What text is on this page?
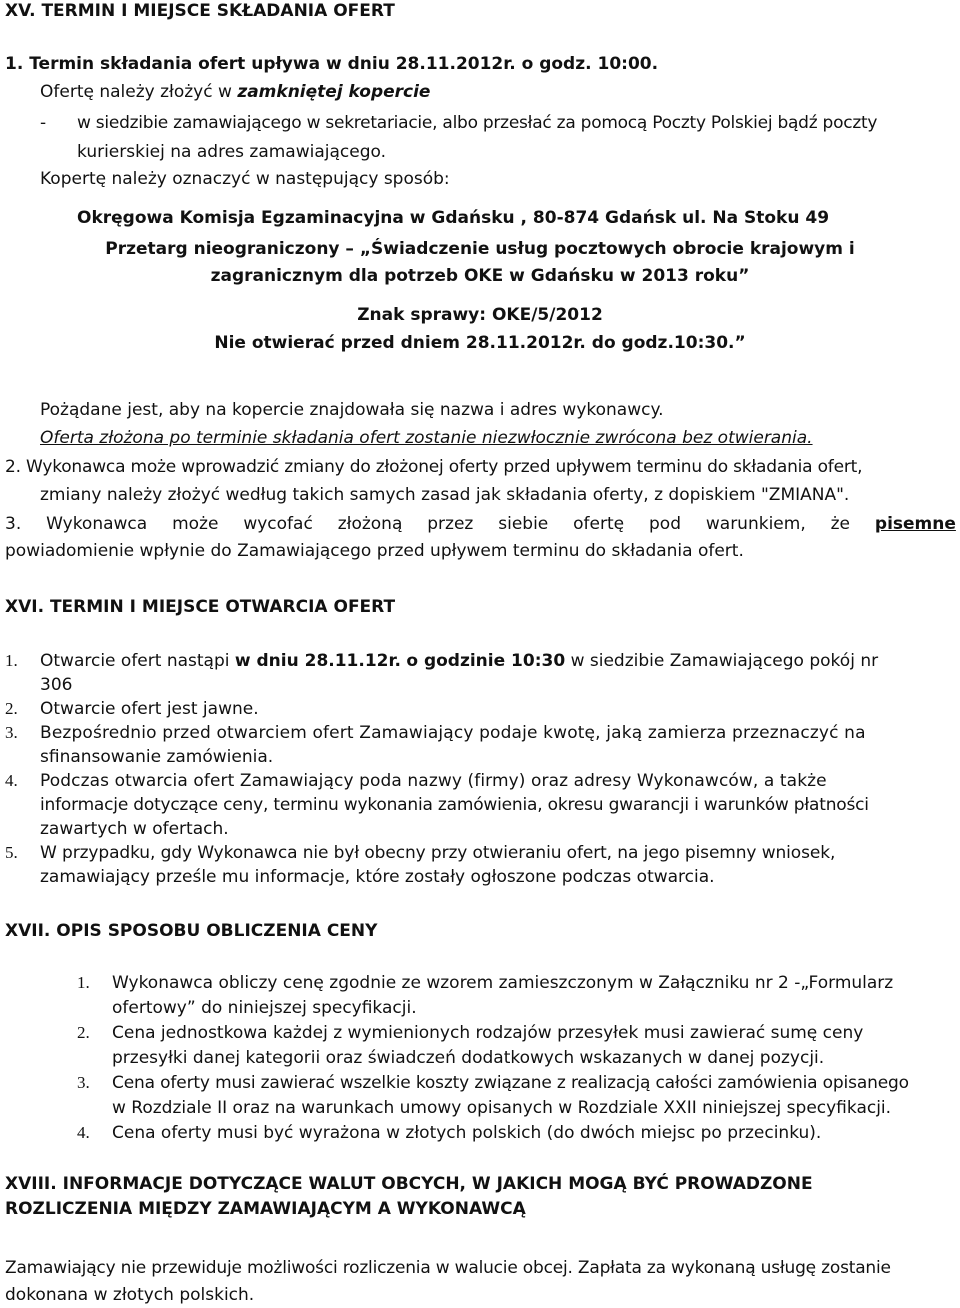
XV. TERMIN I MIEJSCE SKŁADANIA OFERT
1. Termin składania ofert upływa w dniu 28.11.2012r. o godz. 10:00.
Ofertę należy złożyć w zamkniętej kopercie
- w siedzibie zamawiającego w sekretariacie, albo przesłać za pomocą Poczty Polskiej bądź poczty
kurierskiej na adres zamawiającego.
Kopertę należy oznaczyć w następujący sposób:
Okręgowa Komisja Egzaminacyjna w Gdańsku , 80-874 Gdańsk ul. Na Stoku 49
Przetarg nieograniczony – „Świadczenie usług pocztowych obrocie krajowym i
zagranicznym dla potrzeb OKE w Gdańsku w 2013 roku”
Znak sprawy: OKE/5/2012
Nie otwierać przed dniem 28.11.2012r. do godz.10:30.”
Pożądane jest, aby na kopercie znajdowała się nazwa i adres wykonawcy.
Oferta złożona po terminie składania ofert zostanie niezwłocznie zwrócona bez otwierania.
2. Wykonawca może wprowadzić zmiany do złożonej oferty przed upływem terminu do składania ofert,
zmiany należy złożyć według takich samych zasad jak składania oferty, z dopiskiem "ZMIANA".
3. Wykonawca może wycofać złożoną przez siebie ofertę pod warunkiem, że pisemne
powiadomienie wpłynie do Zamawiającego przed upływem terminu do składania ofert.
XVI. TERMIN I MIEJSCE OTWARCIA OFERT
1. Otwarcie ofert nastąpi w dniu 28.11.12r. o godzinie 10:30 w siedzibie Zamawiającego pokój nr
306
2. Otwarcie ofert jest jawne.
3. Bezpośrednio przed otwarciem ofert Zamawiający podaje kwotę, jaką zamierza przeznaczyć na
sfinansowanie zamówienia.
4. Podczas otwarcia ofert Zamawiający poda nazwy (firmy) oraz adresy Wykonawców, a także
informacje dotyczące ceny, terminu wykonania zamówienia, okresu gwarancji i warunków płatności
zawartych w ofertach.
5. W przypadku, gdy Wykonawca nie był obecny przy otwieraniu ofert, na jego pisemny wniosek,
zamawiający prześle mu informacje, które zostały ogłoszone podczas otwarcia.
XVII. OPIS SPOSOBU OBLICZENIA CENY
1. Wykonawca obliczy cenę zgodnie ze wzorem zamieszczonym w Załączniku nr 2 -„Formularz
ofertowy” do niniejszej specyfikacji.
2. Cena jednostkowa każdej z wymienionych rodzajów przesyłek musi zawierać sumę ceny
przesyłki danej kategorii oraz świadczeń dodatkowych wskazanych w danej pozycji.
3. Cena oferty musi zawierać wszelkie koszty związane z realizacją całości zamówienia opisanego
w Rozdziale II oraz na warunkach umowy opisanych w Rozdziale XXII niniejszej specyfikacji.
4. Cena oferty musi być wyrażona w złotych polskich (do dwóch miejsc po przecinku).
XVIII. INFORMACJE DOTYCZĄCE WALUT OBCYCH, W JAKICH MOGĄ BYĆ PROWADZONE
ROZLICZENIA MIĘDZY ZAMAWIAJĄCYM A WYKONAWCĄ
Zamawiający nie przewiduje możliwości rozliczenia w walucie obcej. Zapłata za wykonaną usługę zostanie
dokonana w złotych polskich.
